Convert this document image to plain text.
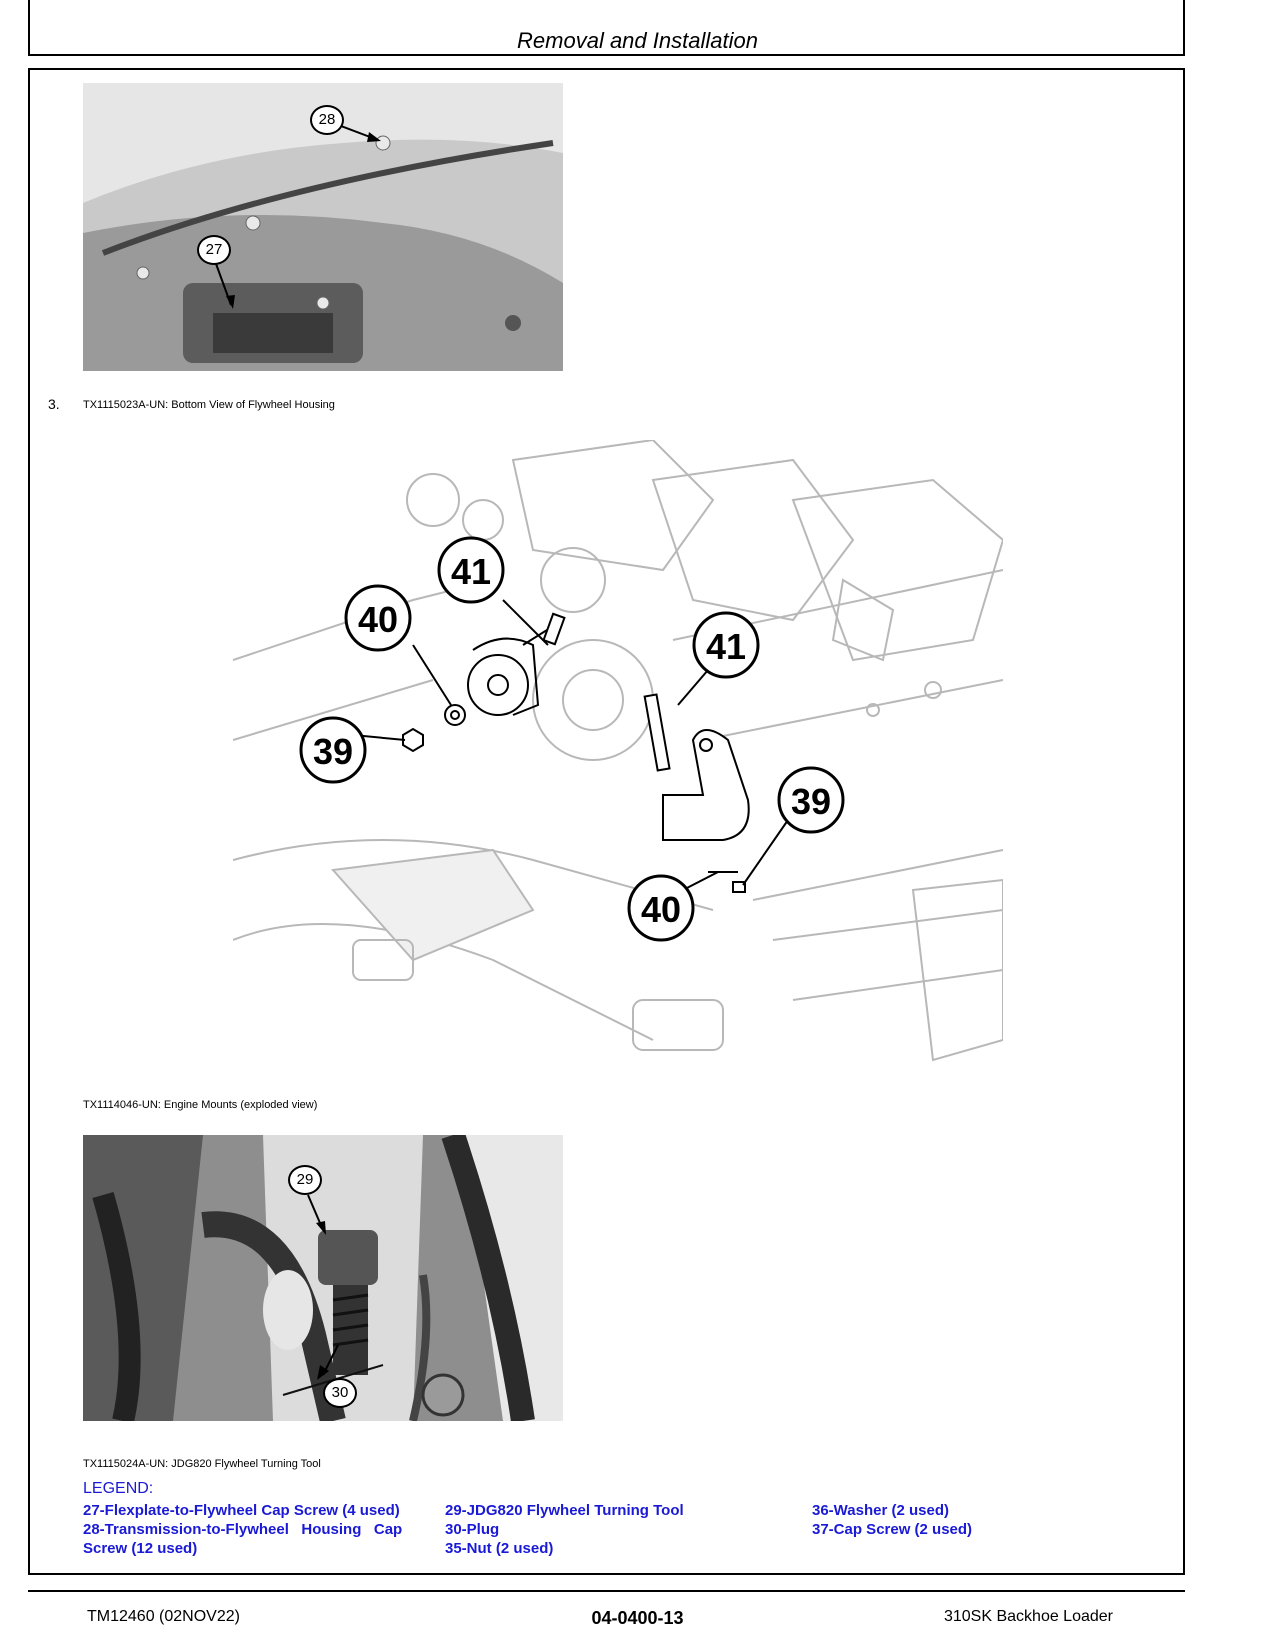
Removal and Installation
28
27
3. TX1115023A-UN: Bottom View of Flywheel Housing
41
40
39
41
39
40
TX1114046-UN: Engine Mounts (exploded view)
29
30
TX1115024A-UN: JDG820 Flywheel Turning Tool
LEGEND:
27-Flexplate-to-Flywheel Cap Screw (4 used)
28-Transmission-to-Flywheel   Housing   Cap
Screw (12 used)
29-JDG820 Flywheel Turning Tool
30-Plug
35-Nut (2 used)
36-Washer (2 used)
37-Cap Screw (2 used)
TM12460 (02NOV22)	04-0400-13	310SK Backhoe Loader
